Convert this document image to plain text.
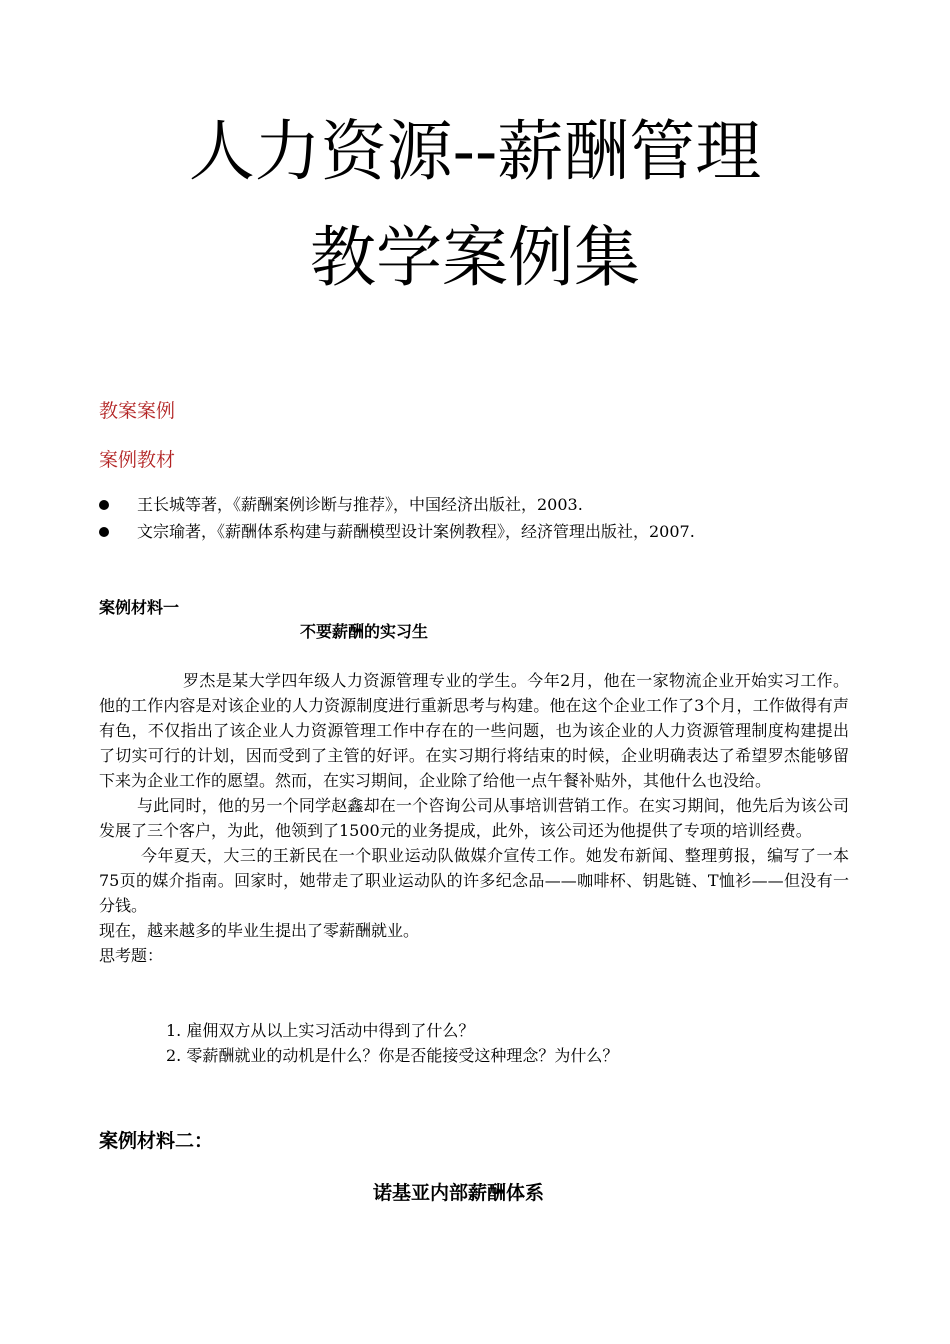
人力资源--薪酬管理
教学案例集
教案案例
案例教材
王长城等著，《薪酬案例诊断与推荐》，中国经济出版社，2003.
文宗瑜著，《薪酬体系构建与薪酬模型设计案例教程》，经济管理出版社，2007.
案例材料一
不要薪酬的实习生

罗杰是某大学四年级人力资源管理专业的学生。今年2月，他在一家物流企业开始实习工作。他的工作内容是对该企业的人力资源制度进行重新思考与构建。他在这个企业工作了3个月，工作做得有声有色，不仅指出了该企业人力资源管理工作中存在的一些问题，也为该企业的人力资源管理制度构建提出了切实可行的计划，因而受到了主管的好评。在实习期行将结束的时候，企业明确表达了希望罗杰能够留下来为企业工作的愿望。然而，在实习期间，企业除了给他一点午餐补贴外，其他什么也没给。

与此同时，他的另一个同学赵鑫却在一个咨询公司从事培训营销工作。在实习期间，他先后为该公司发展了三个客户，为此，他领到了1500元的业务提成，此外，该公司还为他提供了专项的培训经费。

今年夏天，大三的王新民在一个职业运动队做媒介宣传工作。她发布新闻、整理剪报，编写了一本75页的媒介指南。回家时，她带走了职业运动队的许多纪念品——咖啡杯、钥匙链、T恤衫——但没有一分钱。

现在，越来越多的毕业生提出了零薪酬就业。

思考题：

1. 雇佣双方从以上实习活动中得到了什么？
2. 零薪酬就业的动机是什么？你是否能接受这种理念？为什么？
案例材料二：
诺基亚内部薪酬体系
